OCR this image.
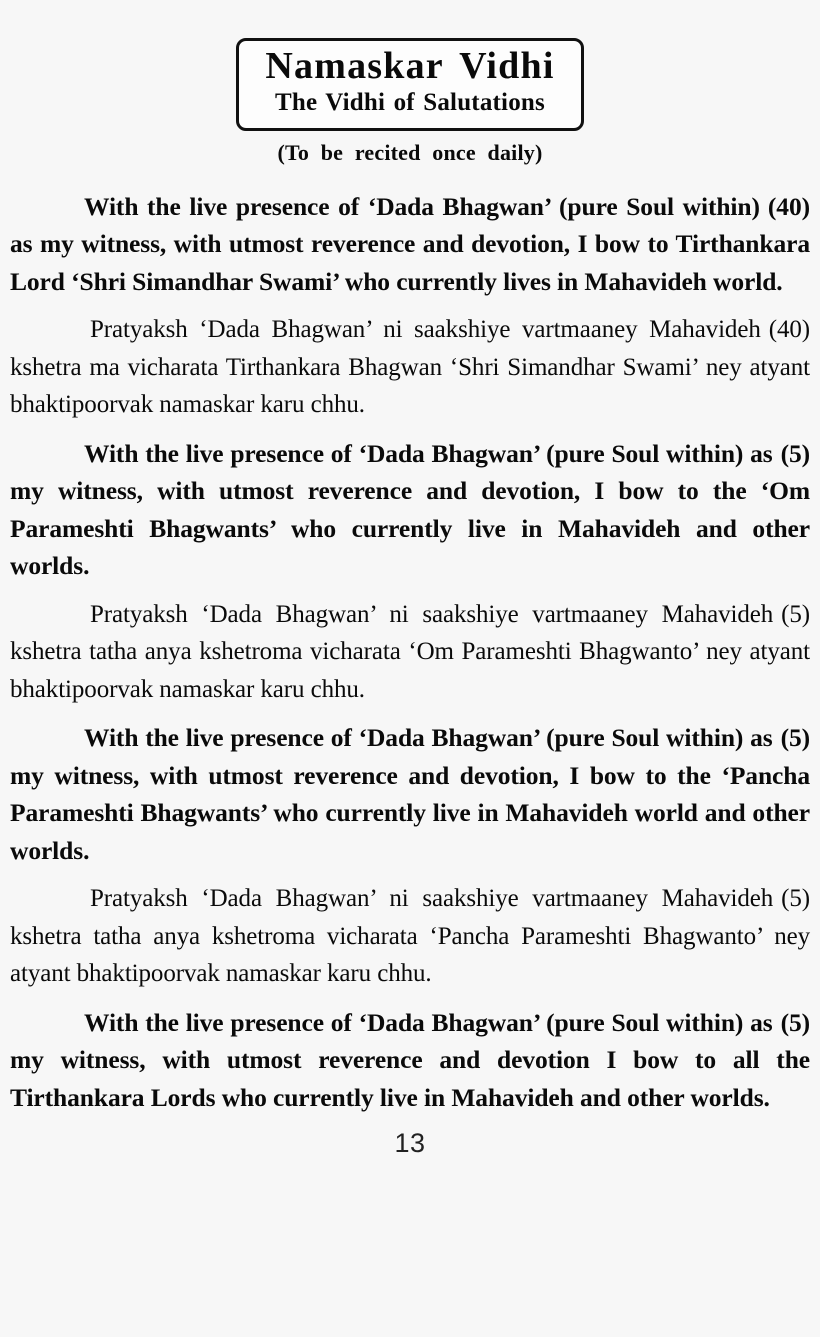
Namaskar Vidhi
The Vidhi of Salutations
(To be recited once daily)

(40)
With the live presence of ‘Dada Bhagwan’ (pure Soul within) as my witness, with utmost reverence and devotion, I bow to Tirthankara Lord ‘Shri Simandhar Swami’ who currently lives in Mahavideh world.

(40)
Pratyaksh ‘Dada Bhagwan’ ni saakshiye vartmaaney Mahavideh kshetra ma vicharata Tirthankara Bhagwan ‘Shri Simandhar Swami’ ney atyant bhaktipoorvak namaskar karu chhu.

(5)
With the live presence of ‘Dada Bhagwan’ (pure Soul within) as my witness, with utmost reverence and devotion, I bow to the ‘Om Parameshti Bhagwants’ who currently live in Mahavideh and other worlds.

(5)
Pratyaksh ‘Dada Bhagwan’ ni saakshiye vartmaaney Mahavideh kshetra tatha anya kshetroma vicharata ‘Om Parameshti Bhagwanto’ ney atyant bhaktipoorvak namaskar karu chhu.

(5)
With the live presence of ‘Dada Bhagwan’ (pure Soul within) as my witness, with utmost reverence and devotion, I bow to the ‘Pancha Parameshti Bhagwants’ who currently live in Mahavideh world and other worlds.

(5)
Pratyaksh ‘Dada Bhagwan’ ni saakshiye vartmaaney Mahavideh kshetra tatha anya kshetroma vicharata ‘Pancha Parameshti Bhagwanto’ ney atyant bhaktipoorvak namaskar karu chhu.

(5)
With the live presence of ‘Dada Bhagwan’ (pure Soul within) as my witness, with utmost reverence and devotion I bow to all the Tirthankara Lords who currently live in Mahavideh and other worlds.

13
